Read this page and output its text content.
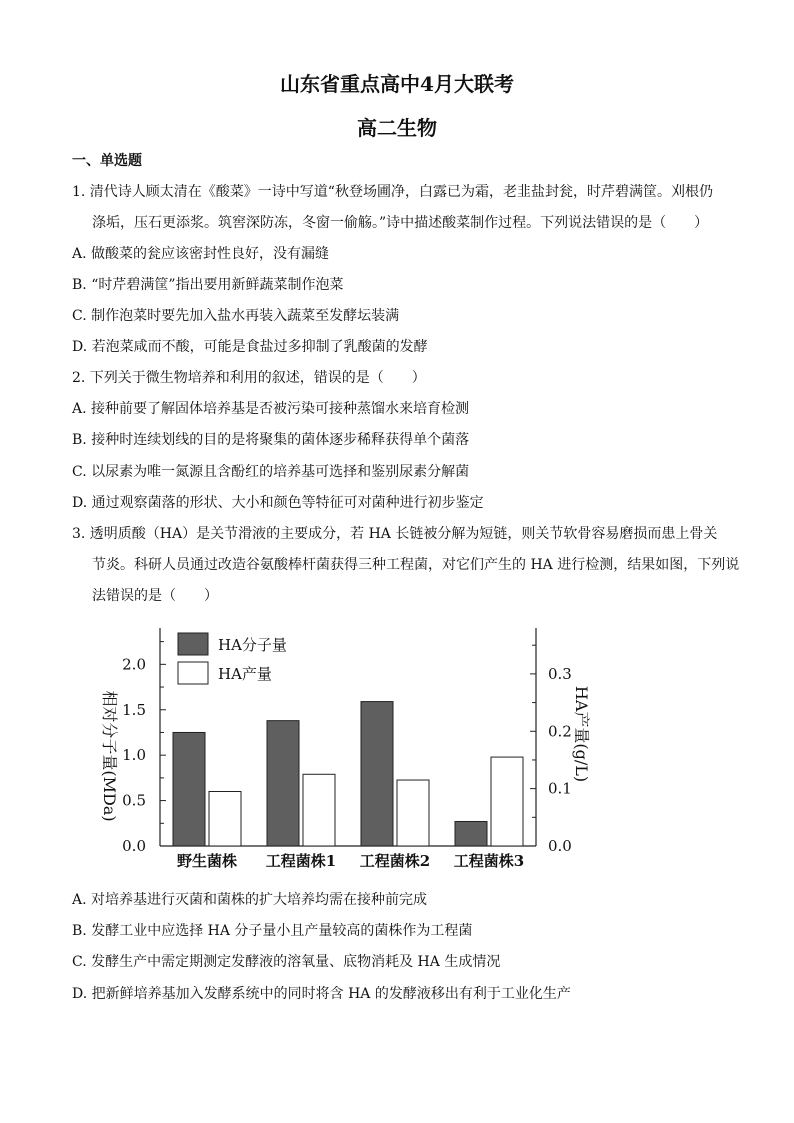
山东省重点高中4月大联考
高二生物
一、单选题
1. 清代诗人顾太清在《酸菜》一诗中写道“秋登场圃净，白露已为霜，老韭盐封瓮，时芹碧满筐。刈根仍
涤垢，压石更添浆。筑窖深防冻，冬窗一偷觞。”诗中描述酸菜制作过程。下列说法错误的是（　　）
A. 做酸菜的瓮应该密封性良好，没有漏缝
B. “时芹碧满筐”指出要用新鲜蔬菜制作泡菜
C. 制作泡菜时要先加入盐水再装入蔬菜至发酵坛装满
D. 若泡菜咸而不酸，可能是食盐过多抑制了乳酸菌的发酵
2. 下列关于微生物培养和利用的叙述，错误的是（　　）
A. 接种前要了解固体培养基是否被污染可接种蒸馏水来培育检测
B. 接种时连续划线的目的是将聚集的菌体逐步稀释获得单个菌落
C. 以尿素为唯一氮源且含酚红的培养基可选择和鉴别尿素分解菌
D. 通过观察菌落的形状、大小和颜色等特征可对菌种进行初步鉴定
3. 透明质酸（HA）是关节滑液的主要成分，若 HA 长链被分解为短链，则关节软骨容易磨损而患上骨关
节炎。科研人员通过改造谷氨酸棒杆菌获得三种工程菌，对它们产生的 HA 进行检测，结果如图，下列说
法错误的是（　　）
0.0
0.5
1.0
1.5
2.0
0.0
0.1
0.2
0.3
野生菌株 工程菌株1 工程菌株2 工程菌株3
HA分子量
HA产量
相对分子量(MDa)	HA产量(g/L)
A. 对培养基进行灭菌和菌株的扩大培养均需在接种前完成
B. 发酵工业中应选择 HA 分子量小且产量较高的菌株作为工程菌
C. 发酵生产中需定期测定发酵液的溶氧量、底物消耗及 HA 生成情况
D. 把新鲜培养基加入发酵系统中的同时将含 HA 的发酵液移出有利于工业化生产
